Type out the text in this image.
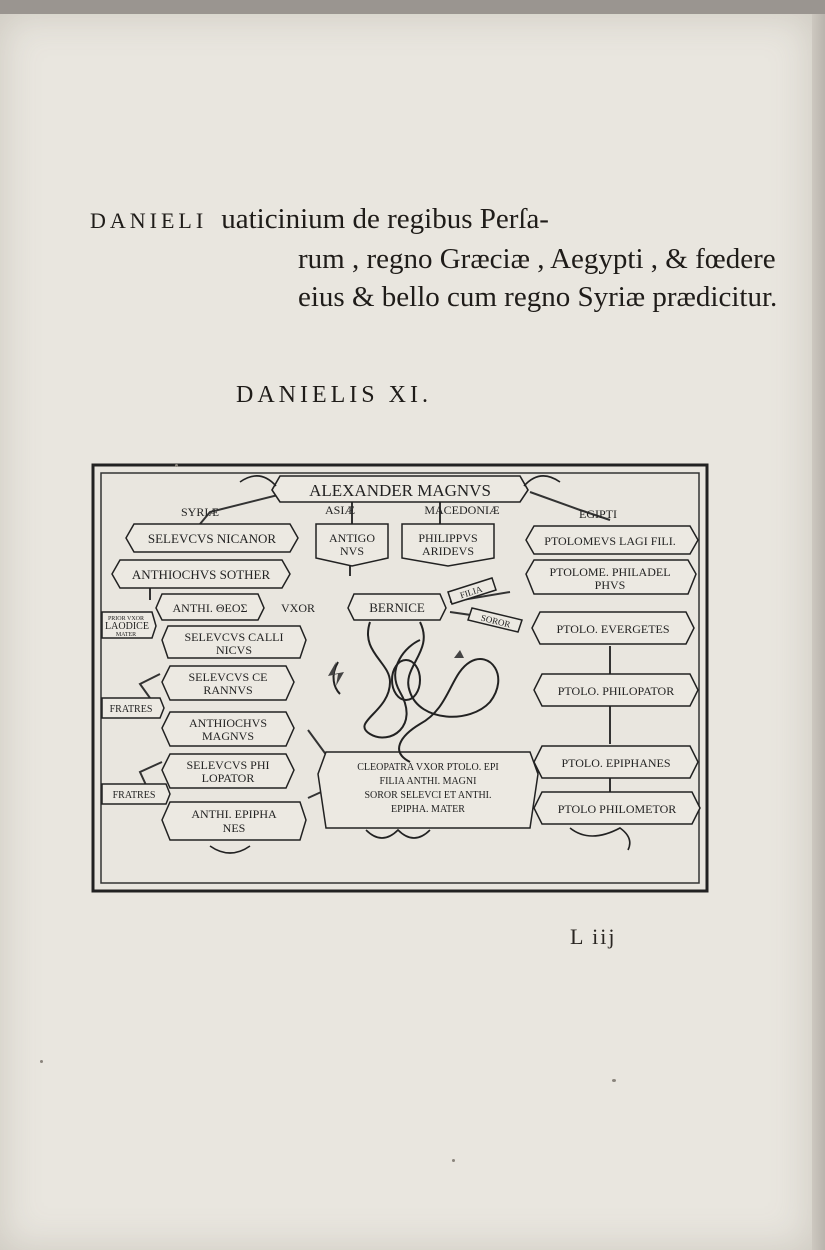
DANIELI uaticinium de regibus Perſa-
rum , regno Græciæ , Aegypti , & fœdere
eius & bello cum regno Syriæ prædicitur.
DANIELIS XI.
ALEXANDER MAGNVS
SYRIÆ	ASIÆ	MACEDONIÆ	EGIPTI
SELEVCVS NICANOR
ANTHIOCHVS SOTHER
ANTHI. ΘΕΟΣ	VXOR
LAODICE
PRIOR VXOR
MATER	SELEVCVS CALLI
NICVS
SELEVCVS CE
RANNVS
FRATRES
ANTHIOCHVS
MAGNVS
SELEVCVS PHI
LOPATOR
FRATRES
ANTHI. EPIPHA
NES
ANTIGO
NVS
PHILIPPVS
ARIDEVS
BERNICE
FILIA
SOROR
CLEOPATRA VXOR PTOLO. EPI
FILIA ANTHI. MAGNI
SOROR SELEVCI ET ANTHI.
EPIPHA. MATER
PTOLOMEVS LAGI FILI.
PTOLOME. PHILADEL
PHVS
PTOLO. EVERGETES
PTOLO. PHILOPATOR
PTOLO. EPIPHANES
PTOLO PHILOMETOR
L iij
